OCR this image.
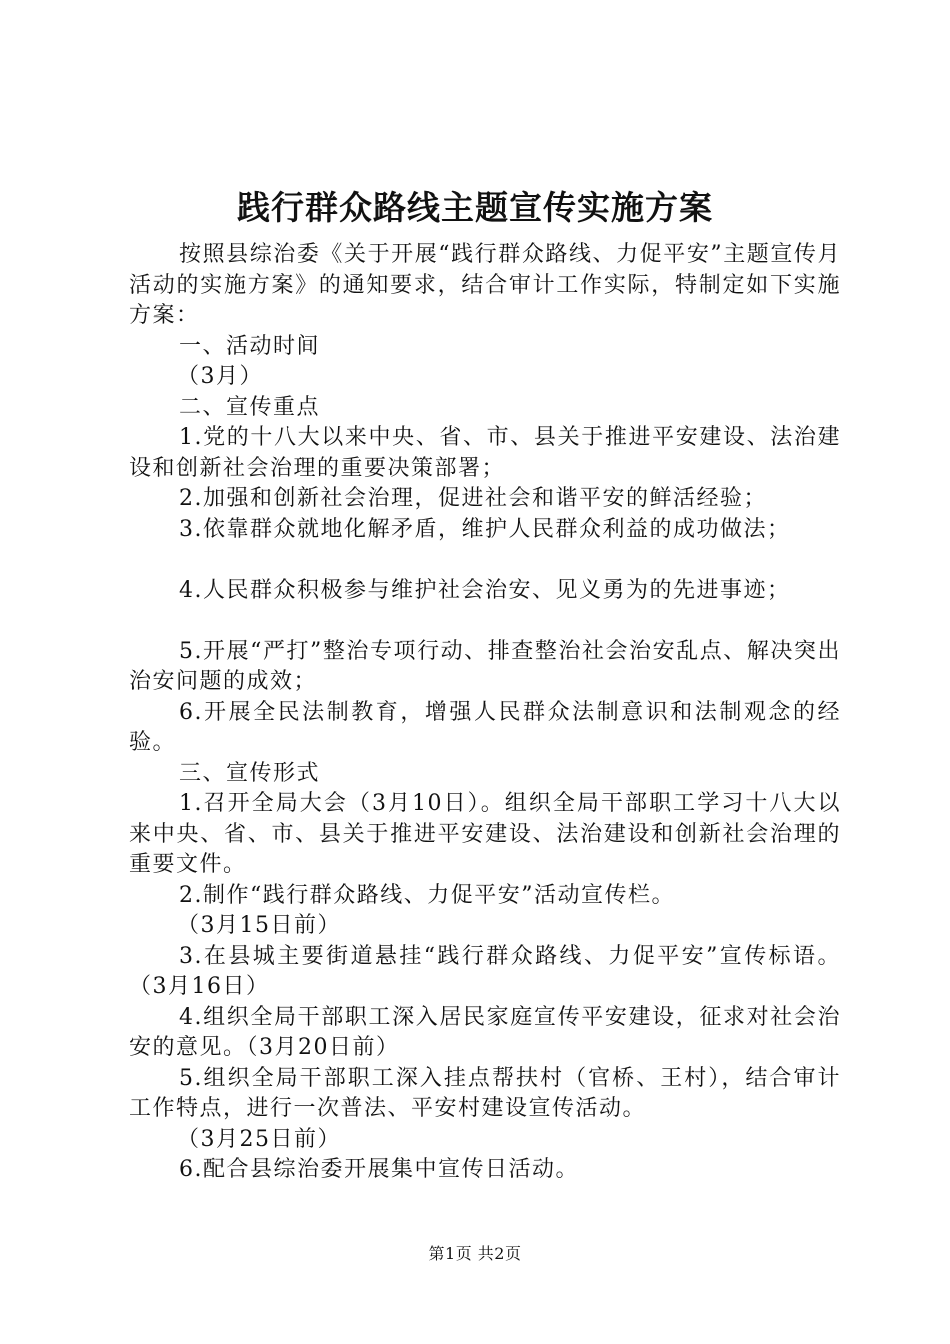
践行群众路线主题宣传实施方案

按照县综治委《关于开展“践行群众路线、力促平安”主题宣传月活动的实施方案》的通知要求，结合审计工作实际，特制定如下实施方案：

一、活动时间

（3月）

二、宣传重点

1.党的十八大以来中央、省、市、县关于推进平安建设、法治建设和创新社会治理的重要决策部署；

2.加强和创新社会治理，促进社会和谐平安的鲜活经验；

3.依靠群众就地化解矛盾，维护人民群众利益的成功做法；

4.人民群众积极参与维护社会治安、见义勇为的先进事迹；

5.开展“严打”整治专项行动、排查整治社会治安乱点、解决突出治安问题的成效；

6.开展全民法制教育，增强人民群众法制意识和法制观念的经验。

三、宣传形式

1.召开全局大会（3月10日）。组织全局干部职工学习十八大以来中央、省、市、县关于推进平安建设、法治建设和创新社会治理的重要文件。

2.制作“践行群众路线、力促平安”活动宣传栏。

（3月15日前）

3.在县城主要街道悬挂“践行群众路线、力促平安”宣传标语。（3月16日）

4.组织全局干部职工深入居民家庭宣传平安建设，征求对社会治安的意见。（3月20日前）

5.组织全局干部职工深入挂点帮扶村（官桥、王村），结合审计工作特点，进行一次普法、平安村建设宣传活动。

（3月25日前）

6.配合县综治委开展集中宣传日活动。

第1页 共2页
